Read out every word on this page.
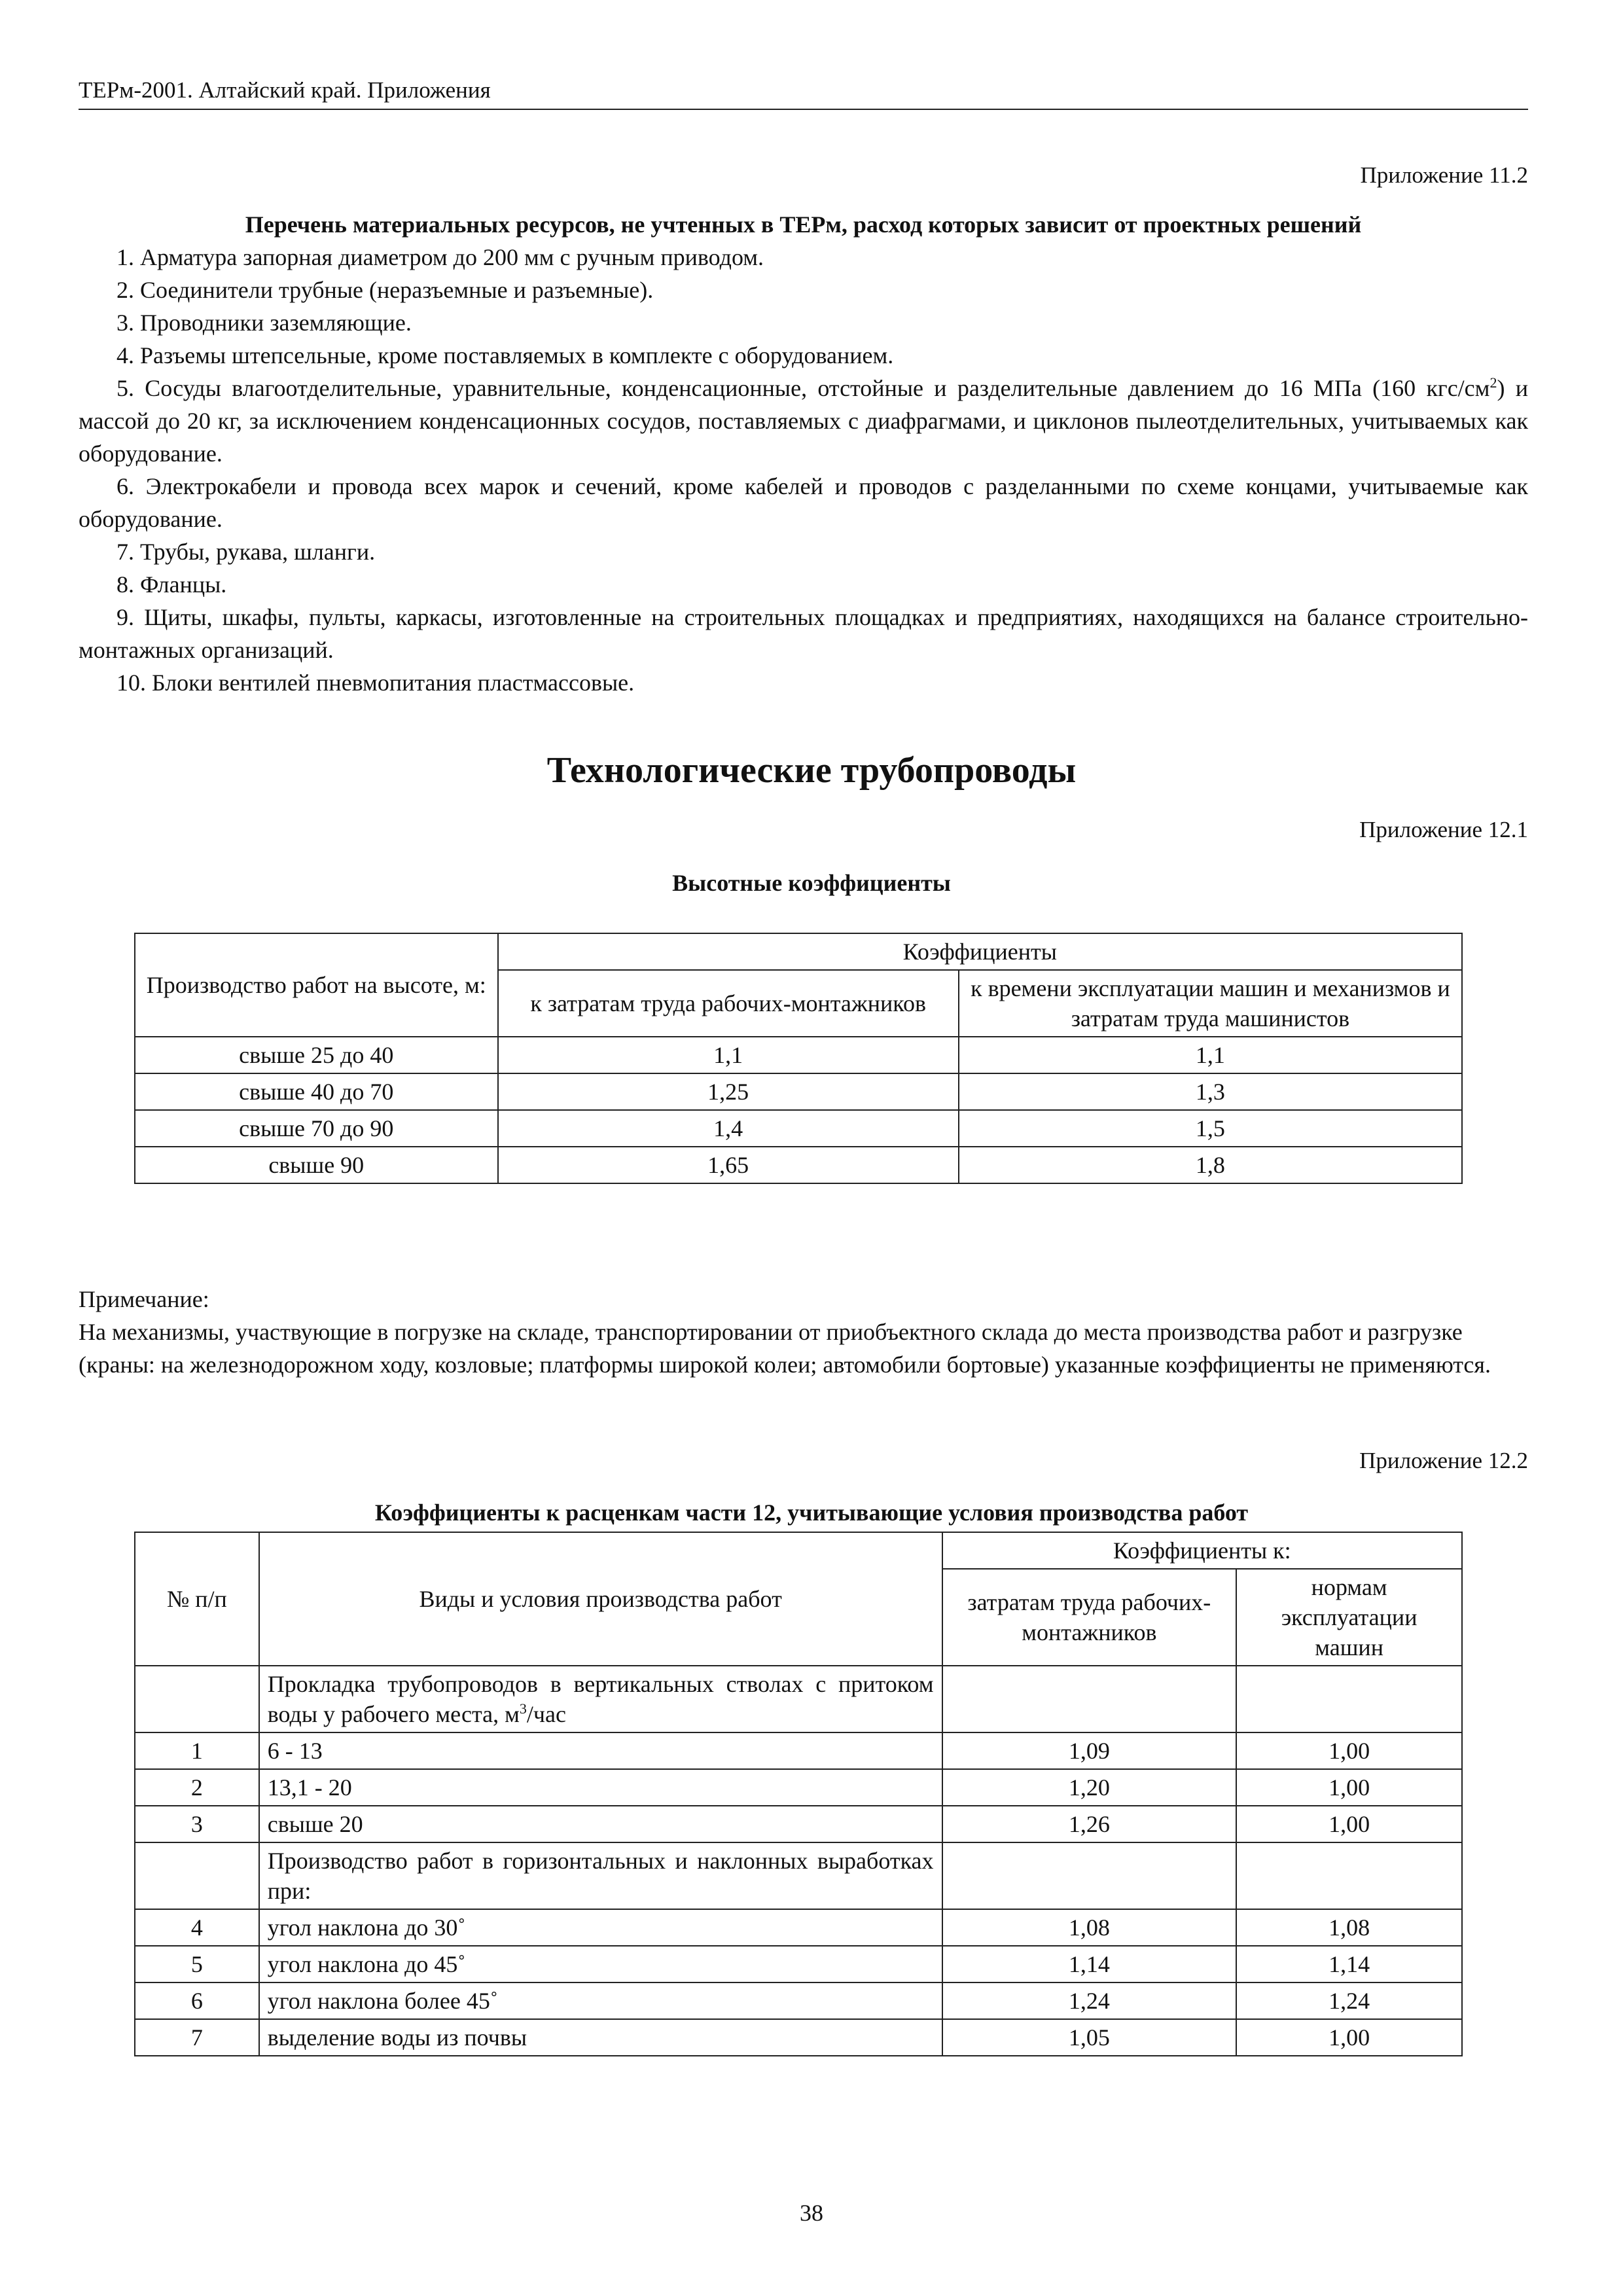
ТЕРм-2001. Алтайский край. Приложения
Приложение 11.2
Перечень материальных ресурсов, не учтенных в ТЕРм, расход которых зависит от проектных решений
1. Арматура запорная диаметром до 200 мм с ручным приводом.
2. Соединители трубные (неразъемные и разъемные).
3. Проводники заземляющие.
4. Разъемы штепсельные, кроме поставляемых в комплекте с оборудованием.
5. Сосуды влагоотделительные, уравнительные, конденсационные, отстойные и разделительные давлением до 16 МПа (160 кгс/$см^2$) и массой до 20 кг, за исключением конденсационных сосудов, поставляемых с диафрагмами, и циклонов пылеотделительных, учитываемых как оборудование.
6. Электрокабели и провода всех марок и сечений, кроме кабелей и проводов с разделанными по схеме концами, учитываемые как оборудование.
7. Трубы, рукава, шланги.
8. Фланцы.
9. Щиты, шкафы, пульты, каркасы, изготовленные на строительных площадках и предприятиях, находящихся на балансе строительно-монтажных организаций.
10. Блоки вентилей пневмопитания пластмассовые.
Технологические трубопроводы
Приложение 12.1
Высотные коэффициенты
Производство работ на высоте, м:	Коэффициенты	
	к затратам труда рабочих-монтажников	к времени эксплуатации машин и механизмов и затратам труда машинистов
свыше 25 до 40	1,1	1,1
свыше 40 до 70	1,25	1,3
свыше 70 до 90	1,4	1,5
свыше 90	1,65	1,8
Примечание:
На механизмы, участвующие в погрузке на складе, транспортировании от приобъектного склада до места производства работ и разгрузке (краны: на железнодорожном ходу, козловые; платформы широкой колеи; автомобили бортовые) указанные коэффициенты не применяются.
Приложение 12.2
Коэффициенты к расценкам части 12, учитывающие условия производства работ
№ п/п	Виды и условия производства работ	Коэффициенты к:	
		затратам труда рабочих-монтажников	нормам эксплуатации машин
	Прокладка трубопроводов в вертикальных стволах с притоком воды у рабочего места, $м^3$/час		
1	6 - 13	1,09	1,00
2	13,1 - 20	1,20	1,00
3	свыше 20	1,26	1,00
	Производство работ в горизонтальных и наклонных выработках при:		
4	угол наклона до 30˚	1,08	1,08
5	угол наклона до 45˚	1,14	1,14
6	угол наклона более 45˚	1,24	1,24
7	выделение воды из почвы	1,05	1,00
38
